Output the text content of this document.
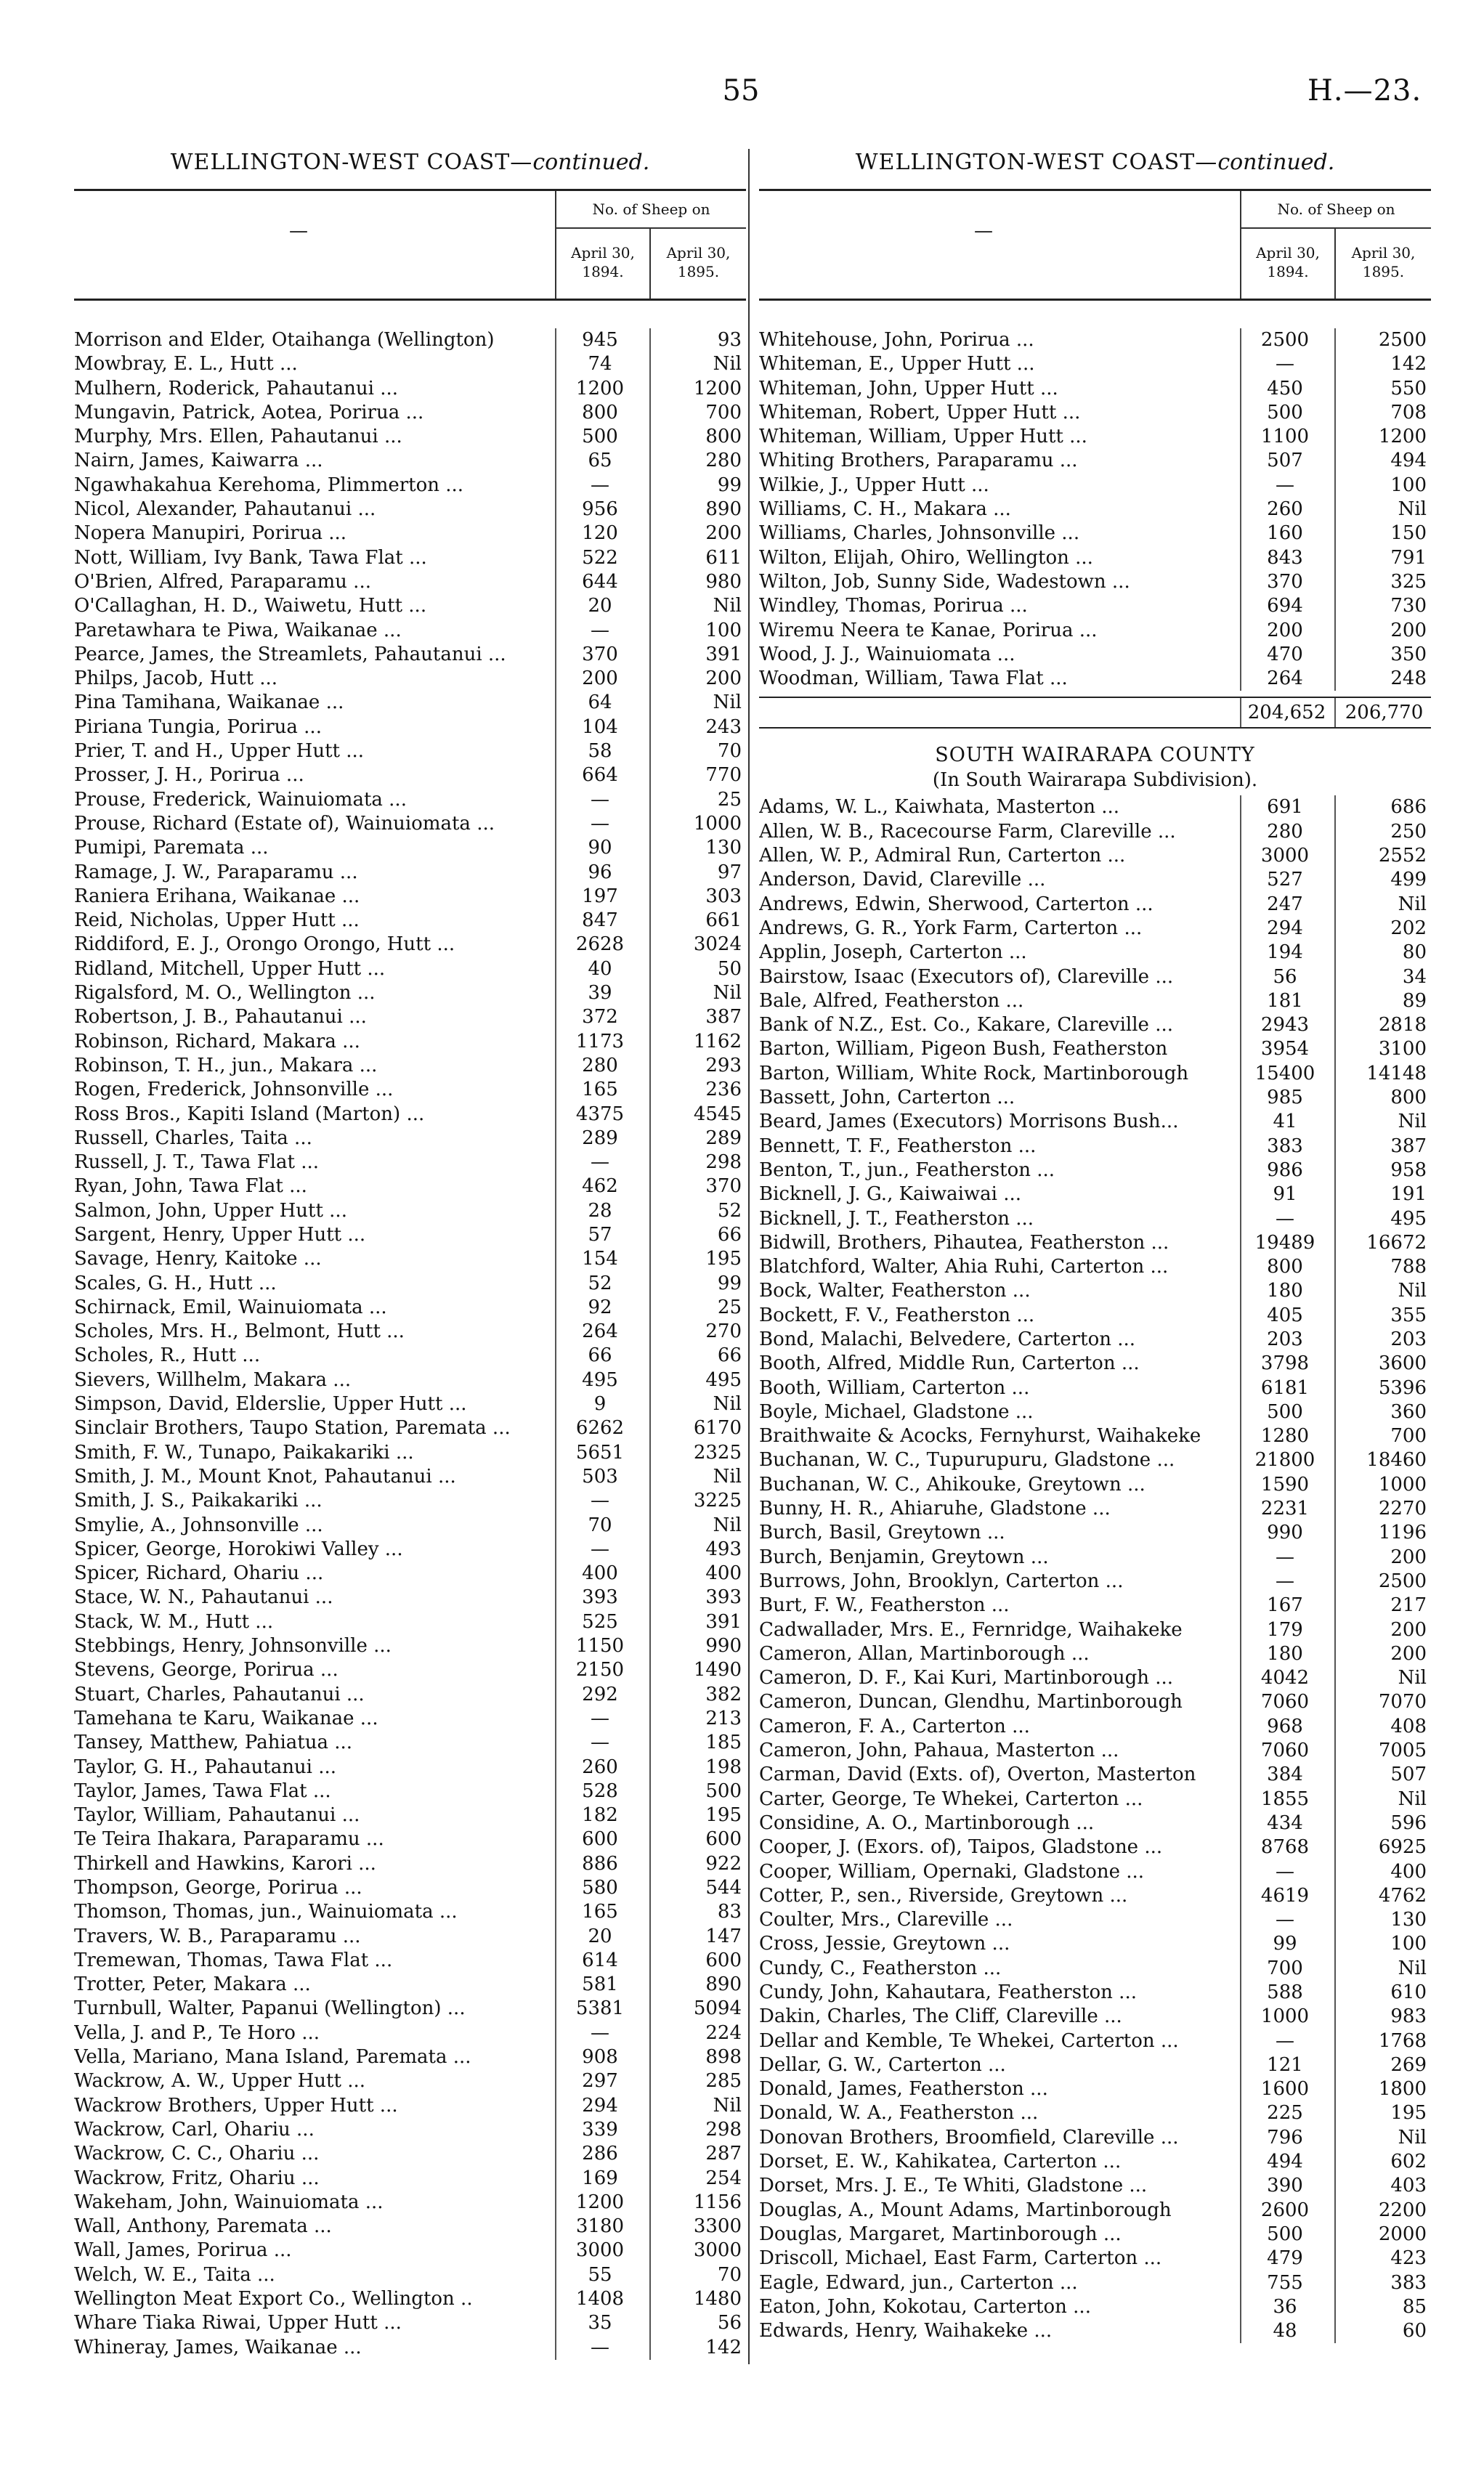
55	H.—23.
WELLINGTON-WEST COAST—continued.
—
No. of Sheep on
April 30, 1894.
April 30, 1895.
Morrison and Elder, Otaihanga (Wellington)	945	93
Mowbray, E. L., Hutt ...	74	Nil
Mulhern, Roderick, Pahautanui ...	1200	1200
Mungavin, Patrick, Aotea, Porirua ...	800	700
Murphy, Mrs. Ellen, Pahautanui ...	500	800
Nairn, James, Kaiwarra ...	65	280
Ngawhakahua Kerehoma, Plimmerton ...	—	99
Nicol, Alexander, Pahautanui ...	956	890
Nopera Manupiri, Porirua ...	120	200
Nott, William, Ivy Bank, Tawa Flat ...	522	611
O'Brien, Alfred, Paraparamu ...	644	980
O'Callaghan, H. D., Waiwetu, Hutt ...	20	Nil
Paretawhara te Piwa, Waikanae ...	—	100
Pearce, James, the Streamlets, Pahautanui ...	370	391
Philps, Jacob, Hutt ...	200	200
Pina Tamihana, Waikanae ...	64	Nil
Piriana Tungia, Porirua ...	104	243
Prier, T. and H., Upper Hutt ...	58	70
Prosser, J. H., Porirua ...	664	770
Prouse, Frederick, Wainuiomata ...	—	25
Prouse, Richard (Estate of), Wainuiomata ...	—	1000
Pumipi, Paremata ...	90	130
Ramage, J. W., Paraparamu ...	96	97
Raniera Erihana, Waikanae ...	197	303
Reid, Nicholas, Upper Hutt ...	847	661
Riddiford, E. J., Orongo Orongo, Hutt ...	2628	3024
Ridland, Mitchell, Upper Hutt ...	40	50
Rigalsford, M. O., Wellington ...	39	Nil
Robertson, J. B., Pahautanui ...	372	387
Robinson, Richard, Makara ...	1173	1162
Robinson, T. H., jun., Makara ...	280	293
Rogen, Frederick, Johnsonville ...	165	236
Ross Bros., Kapiti Island (Marton) ...	4375	4545
Russell, Charles, Taita ...	289	289
Russell, J. T., Tawa Flat ...	—	298
Ryan, John, Tawa Flat ...	462	370
Salmon, John, Upper Hutt ...	28	52
Sargent, Henry, Upper Hutt ...	57	66
Savage, Henry, Kaitoke ...	154	195
Scales, G. H., Hutt ...	52	99
Schirnack, Emil, Wainuiomata ...	92	25
Scholes, Mrs. H., Belmont, Hutt ...	264	270
Scholes, R., Hutt ...	66	66
Sievers, Willhelm, Makara ...	495	495
Simpson, David, Elderslie, Upper Hutt ...	9	Nil
Sinclair Brothers, Taupo Station, Paremata ...	6262	6170
Smith, F. W., Tunapo, Paikakariki ...	5651	2325
Smith, J. M., Mount Knot, Pahautanui ...	503	Nil
Smith, J. S., Paikakariki ...	—	3225
Smylie, A., Johnsonville ...	70	Nil
Spicer, George, Horokiwi Valley ...	—	493
Spicer, Richard, Ohariu ...	400	400
Stace, W. N., Pahautanui ...	393	393
Stack, W. M., Hutt ...	525	391
Stebbings, Henry, Johnsonville ...	1150	990
Stevens, George, Porirua ...	2150	1490
Stuart, Charles, Pahautanui ...	292	382
Tamehana te Karu, Waikanae ...	—	213
Tansey, Matthew, Pahiatua ...	—	185
Taylor, G. H., Pahautanui ...	260	198
Taylor, James, Tawa Flat ...	528	500
Taylor, William, Pahautanui ...	182	195
Te Teira Ihakara, Paraparamu ...	600	600
Thirkell and Hawkins, Karori ...	886	922
Thompson, George, Porirua ...	580	544
Thomson, Thomas, jun., Wainuiomata ...	165	83
Travers, W. B., Paraparamu ...	20	147
Tremewan, Thomas, Tawa Flat ...	614	600
Trotter, Peter, Makara ...	581	890
Turnbull, Walter, Papanui (Wellington) ...	5381	5094
Vella, J. and P., Te Horo ...	—	224
Vella, Mariano, Mana Island, Paremata ...	908	898
Wackrow, A. W., Upper Hutt ...	297	285
Wackrow Brothers, Upper Hutt ...	294	Nil
Wackrow, Carl, Ohariu ...	339	298
Wackrow, C. C., Ohariu ...	286	287
Wackrow, Fritz, Ohariu ...	169	254
Wakeham, John, Wainuiomata ...	1200	1156
Wall, Anthony, Paremata ...	3180	3300
Wall, James, Porirua ...	3000	3000
Welch, W. E., Taita ...	55	70
Wellington Meat Export Co., Wellington ..	1408	1480
Whare Tiaka Riwai, Upper Hutt ...	35	56
Whineray, James, Waikanae ...	—	142
WELLINGTON-WEST COAST—continued.
—
No. of Sheep on
April 30, 1894.
April 30, 1895.
Whitehouse, John, Porirua ...	2500	2500
Whiteman, E., Upper Hutt ...	—	142
Whiteman, John, Upper Hutt ...	450	550
Whiteman, Robert, Upper Hutt ...	500	708
Whiteman, William, Upper Hutt ...	1100	1200
Whiting Brothers, Paraparamu ...	507	494
Wilkie, J., Upper Hutt ...	—	100
Williams, C. H., Makara ...	260	Nil
Williams, Charles, Johnsonville ...	160	150
Wilton, Elijah, Ohiro, Wellington ...	843	791
Wilton, Job, Sunny Side, Wadestown ...	370	325
Windley, Thomas, Porirua ...	694	730
Wiremu Neera te Kanae, Porirua ...	200	200
Wood, J. J., Wainuiomata ...	470	350
Woodman, William, Tawa Flat ...	264	248
204,652	206,770
SOUTH WAIRARAPA COUNTY
(In South Wairarapa Subdivision).
Adams, W. L., Kaiwhata, Masterton ...	691	686
Allen, W. B., Racecourse Farm, Clareville ...	280	250
Allen, W. P., Admiral Run, Carterton ...	3000	2552
Anderson, David, Clareville ...	527	499
Andrews, Edwin, Sherwood, Carterton ...	247	Nil
Andrews, G. R., York Farm, Carterton ...	294	202
Applin, Joseph, Carterton ...	194	80
Bairstow, Isaac (Executors of), Clareville ...	56	34
Bale, Alfred, Featherston ...	181	89
Bank of N.Z., Est. Co., Kakare, Clareville ...	2943	2818
Barton, William, Pigeon Bush, Featherston	3954	3100
Barton, William, White Rock, Martinborough	15400	14148
Bassett, John, Carterton ...	985	800
Beard, James (Executors) Morrisons Bush...	41	Nil
Bennett, T. F., Featherston ...	383	387
Benton, T., jun., Featherston ...	986	958
Bicknell, J. G., Kaiwaiwai ...	91	191
Bicknell, J. T., Featherston ...	—	495
Bidwill, Brothers, Pihautea, Featherston ...	19489	16672
Blatchford, Walter, Ahia Ruhi, Carterton ...	800	788
Bock, Walter, Featherston ...	180	Nil
Bockett, F. V., Featherston ...	405	355
Bond, Malachi, Belvedere, Carterton ...	203	203
Booth, Alfred, Middle Run, Carterton ...	3798	3600
Booth, William, Carterton ...	6181	5396
Boyle, Michael, Gladstone ...	500	360
Braithwaite & Acocks, Fernyhurst, Waihakeke	1280	700
Buchanan, W. C., Tupurupuru, Gladstone ...	21800	18460
Buchanan, W. C., Ahikouke, Greytown ...	1590	1000
Bunny, H. R., Ahiaruhe, Gladstone ...	2231	2270
Burch, Basil, Greytown ...	990	1196
Burch, Benjamin, Greytown ...	—	200
Burrows, John, Brooklyn, Carterton ...	—	2500
Burt, F. W., Featherston ...	167	217
Cadwallader, Mrs. E., Fernridge, Waihakeke	179	200
Cameron, Allan, Martinborough ...	180	200
Cameron, D. F., Kai Kuri, Martinborough ...	4042	Nil
Cameron, Duncan, Glendhu, Martinborough	7060	7070
Cameron, F. A., Carterton ...	968	408
Cameron, John, Pahaua, Masterton ...	7060	7005
Carman, David (Exts. of), Overton, Masterton	384	507
Carter, George, Te Whekei, Carterton ...	1855	Nil
Considine, A. O., Martinborough ...	434	596
Cooper, J. (Exors. of), Taipos, Gladstone ...	8768	6925
Cooper, William, Opernaki, Gladstone ...	—	400
Cotter, P., sen., Riverside, Greytown ...	4619	4762
Coulter, Mrs., Clareville ...	—	130
Cross, Jessie, Greytown ...	99	100
Cundy, C., Featherston ...	700	Nil
Cundy, John, Kahautara, Featherston ...	588	610
Dakin, Charles, The Cliff, Clareville ...	1000	983
Dellar and Kemble, Te Whekei, Carterton ...	—	1768
Dellar, G. W., Carterton ...	121	269
Donald, James, Featherston ...	1600	1800
Donald, W. A., Featherston ...	225	195
Donovan Brothers, Broomfield, Clareville ...	796	Nil
Dorset, E. W., Kahikatea, Carterton ...	494	602
Dorset, Mrs. J. E., Te Whiti, Gladstone ...	390	403
Douglas, A., Mount Adams, Martinborough	2600	2200
Douglas, Margaret, Martinborough ...	500	2000
Driscoll, Michael, East Farm, Carterton ...	479	423
Eagle, Edward, jun., Carterton ...	755	383
Eaton, John, Kokotau, Carterton ...	36	85
Edwards, Henry, Waihakeke ...	48	60
